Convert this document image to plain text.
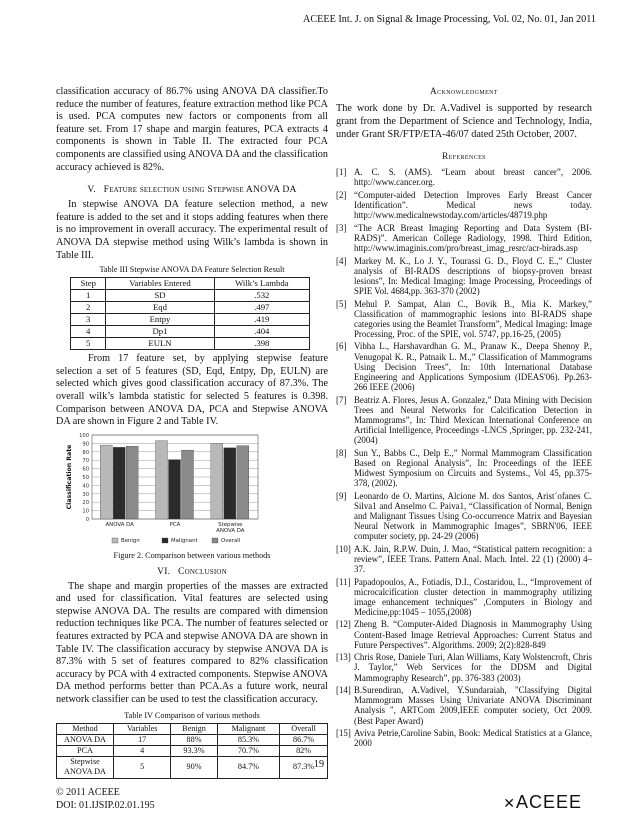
ACEEE Int. J. on Signal & Image Processing, Vol. 02, No. 01, Jan 2011

classification accuracy of 86.7% using ANOVA DA classifier.To reduce the number of features, feature extraction method like PCA is used. PCA computes new factors or components from all feature set. From 17 shape and margin features, PCA extracts 4 components is shown in Table II. The extracted four PCA components are classified using ANOVA DA and the classification accuracy achieved is 82%.

V. Feature selection using Stepwise ANOVA DA

In stepwise ANOVA DA feature selection method, a new feature is added to the set and it stops adding features when there is no improvement in overall accuracy. The experimental result of ANOVA DA stepwise method using Wilk’s lambda is shown in Table III.

Table III Stepwise ANOVA DA Feature Selection Result
Step	Variables Entered	Wilk’s Lambda
1	SD	.532
2	Eqd	.497
3	Entpy	.419
4	Dp1	.404
5	EULN	.398

From 17 feature set, by applying stepwise feature selection a set of 5 features (SD, Eqd, Entpy, Dp, EULN) are selected which gives good classification accuracy of 87.3%. The overall wilk’s lambda statistic for selected 5 features is 0.398. Comparison between ANOVA DA, PCA and Stepwise ANOVA DA are shown in Figure 2 and Table IV.

100
90
80
70
60
50
40
30
20
10
0
Classification Rate
ANOVA DA	PCA	Stepwise
ANOVA DA
Benign	Malignant	Overall
Figure 2. Comparison between various methods
VI. Conclusion

The shape and margin properties of the masses are extracted and used for classification. Vital features are selected using stepwise ANOVA DA. The results are compared with dimension reduction techniques like PCA. The number of features selected or features extracted by PCA and stepwise ANOVA DA are shown in Table IV. The classification accuracy by stepwise ANOVA DA is 87.3% with 5 set of features compared to 82% classification accuracy by PCA with 4 extracted components. Stepwise ANOVA DA method performs better than PCA.As a future work, neural network classifier can be used to test the classification accuracy.

Table IV Comparison of various methods
Method	Variables	Benign	Malignant	Overall
ANOVA DA	17	88%	85.3%	86.7%
PCA	4	93.3%	70.7%	82%
Stepwise ANOVA DA	5	90%	84.7%	87.3%
Acknowledgment

The work done by Dr. A.Vadivel is supported by research grant from the Department of Science and Technology, India, under Grant SR/FTP/ETA-46/07 dated 25th October, 2007.

References
[1] A. C. S. (AMS). “Learn about breast cancer”, 2006. http://www.cancer.org.
[2] “Computer-aided Detection Improves Early Breast Cancer Identification”. Medical news today. http://www.medicalnewstoday.com/articles/48719.php
[3] “The ACR Breast Imaging Reporting and Data System (BI-RADS)”. American College Radiology, 1998. Third Edition, http://www.imaginis.com/pro/breast_imag_resrc/acr-birads.asp
[4] Markey M. K., Lo J. Y., Tourassi G. D., Floyd C. E.,” Cluster analysis of BI-RADS descriptions of biopsy-proven breast lesions”, In: Medical Imaging: Image Processing, Proceedings of SPIE Vol. 4684,pp. 363-370 (2002)
[5] Mehul P. Sampat, Alan C., Bovik B., Mia K. Markey,” Classification of mammographic lesions into BI-RADS shape categories using the Beamlet Transform”, Medical Imaging: Image Processing, Proc. of the SPIE, vol. 5747, pp.16-25, (2005)
[6] Vibha L., Harshavardhan G. M., Pranaw K., Deepa Shenoy P., Venugopal K. R., Patnaik L. M.,” Classification of Mammograms Using Decision Trees”, In: 10th International Database Engineering and Applications Symposium (IDEAS'06). Pp.263-266 IEEE (2006)
[7] Beatriz A. Flores, Jesus A. Gonzalez,” Data Mining with Decision Trees and Neural Networks for Calcification Detection in Mammograms”, In: Third Mexican International Conference on Artificial Intelligence, Proceedings -LNCS ,Springer, pp. 232-241,(2004)
[8] Sun Y., Babbs C., Delp E.,” Normal Mammogram Classification Based on Regional Analysis”, In: Proceedings of the IEEE Midwest Symposium on Circuits and Systems., Vol 45, pp.375-378, (2002).
[9] Leonardo de O. Martins, Alcione M. dos Santos, Arist´ofanes C. Silva1 and Anselmo C. Paiva1, “Classification of Normal, Benign and Malignant Tissues Using Co-occurrence Matrix and Bayesian Neural Network in Mammographic Images”, SBRN'06, IEEE computer society, pp. 24-29 (2006)
[10] A.K. Jain, R.P.W. Duin, J. Mao, “Statistical pattern recognition: a review”, IEEE Trans. Pattern Anal. Mach. Intel. 22 (1) (2000) 4–37.
[11] Papadopoulos, A., Fotiadis, D.I., Costaridou, L., “Improvement of microcalcification cluster detection in mammography utilizing image enhancement techniques” ,Computers in Biology and Medicine,pp:1045 – 1055,(2008)
[12] Zheng B. “Computer-Aided Diagnosis in Mammography Using Content-Based Image Retrieval Approaches: Current Status and Future Perspectives”. Algorithms. 2009; 2(2):828-849
[13] Chris Rose, Daniele Turi, Alan Williams, Katy Wolstencroft, Chris J. Taylor,” Web Services for the DDSM and Digital Mammography Research”, pp. 376-383 (2003)
[14] B.Surendiran, A.Vadivel, Y.Sundaraiah, "Classifying Digital Mammogram Masses Using Univariate ANOVA Discriminant Analysis ", ARTCom 2009,IEEE computer society, Oct 2009. (Best Paper Award)
[15] Aviva Petrie,Caroline Sabin, Book: Medical Statistics at a Glance, 2000
19
© 2011 ACEEE
DOI: 01.IJSIP.02.01.195	✕ACEEE
